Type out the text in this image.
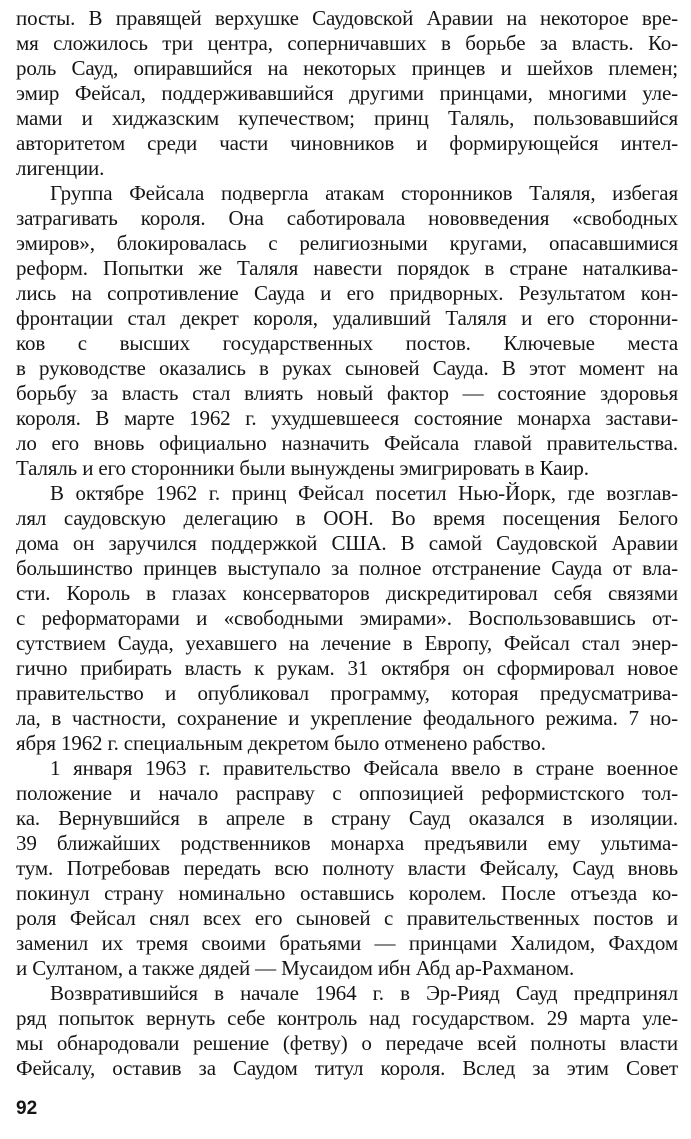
посты. В правящей верхушке Саудовской Аравии на некоторое вре-
мя сложилось три центра, соперничавших в борьбе за власть. Ко-
роль Сауд, опиравшийся на некоторых принцев и шейхов племен;
эмир Фейсал, поддерживавшийся другими принцами, многими уле-
мами и хиджазским купечеством; принц Таляль, пользовавшийся
авторитетом среди части чиновников и формирующейся интел-
лигенции.
Группа Фейсала подвергла атакам сторонников Таляля, избегая
затрагивать короля. Она саботировала нововведения «свободных
эмиров», блокировалась с религиозными кругами, опасавшимися
реформ. Попытки же Таляля навести порядок в стране наталкива-
лись на сопротивление Сауда и его придворных. Результатом кон-
фронтации стал декрет короля, удаливший Таляля и его сторонни-
ков с высших государственных постов. Ключевые места
в руководстве оказались в руках сыновей Сауда. В этот момент на
борьбу за власть стал влиять новый фактор — состояние здоровья
короля. В марте 1962 г. ухудшевшееся состояние монарха застави-
ло его вновь официально назначить Фейсала главой правительства.
Таляль и его сторонники были вынуждены эмигрировать в Каир.
В октябре 1962 г. принц Фейсал посетил Нью-Йорк, где возглав-
лял саудовскую делегацию в ООН. Во время посещения Белого
дома он заручился поддержкой США. В самой Саудовской Аравии
большинство принцев выступало за полное отстранение Сауда от вла-
сти. Король в глазах консерваторов дискредитировал себя связями
с реформаторами и «свободными эмирами». Воспользовавшись от-
сутствием Сауда, уехавшего на лечение в Европу, Фейсал стал энер-
гично прибирать власть к рукам. 31 октября он сформировал новое
правительство и опубликовал программу, которая предусматрива-
ла, в частности, сохранение и укрепление феодального режима. 7 но-
ября 1962 г. специальным декретом было отменено рабство.
1 января 1963 г. правительство Фейсала ввело в стране военное
положение и начало расправу с оппозицией реформистского тол-
ка. Вернувшийся в апреле в страну Сауд оказался в изоляции.
39 ближайших родственников монарха предъявили ему ультима-
тум. Потребовав передать всю полноту власти Фейсалу, Сауд вновь
покинул страну номинально оставшись королем. После отъезда ко-
роля Фейсал снял всех его сыновей с правительственных постов и
заменил их тремя своими братьями — принцами Халидом, Фахдом
и Султаном, а также дядей — Мусаидом ибн Абд ар-Рахманом.
Возвратившийся в начале 1964 г. в Эр-Рияд Сауд предпринял
ряд попыток вернуть себе контроль над государством. 29 марта уле-
мы обнародовали решение (фетву) о передаче всей полноты власти
Фейсалу, оставив за Саудом титул короля. Вслед за этим Совет
92
